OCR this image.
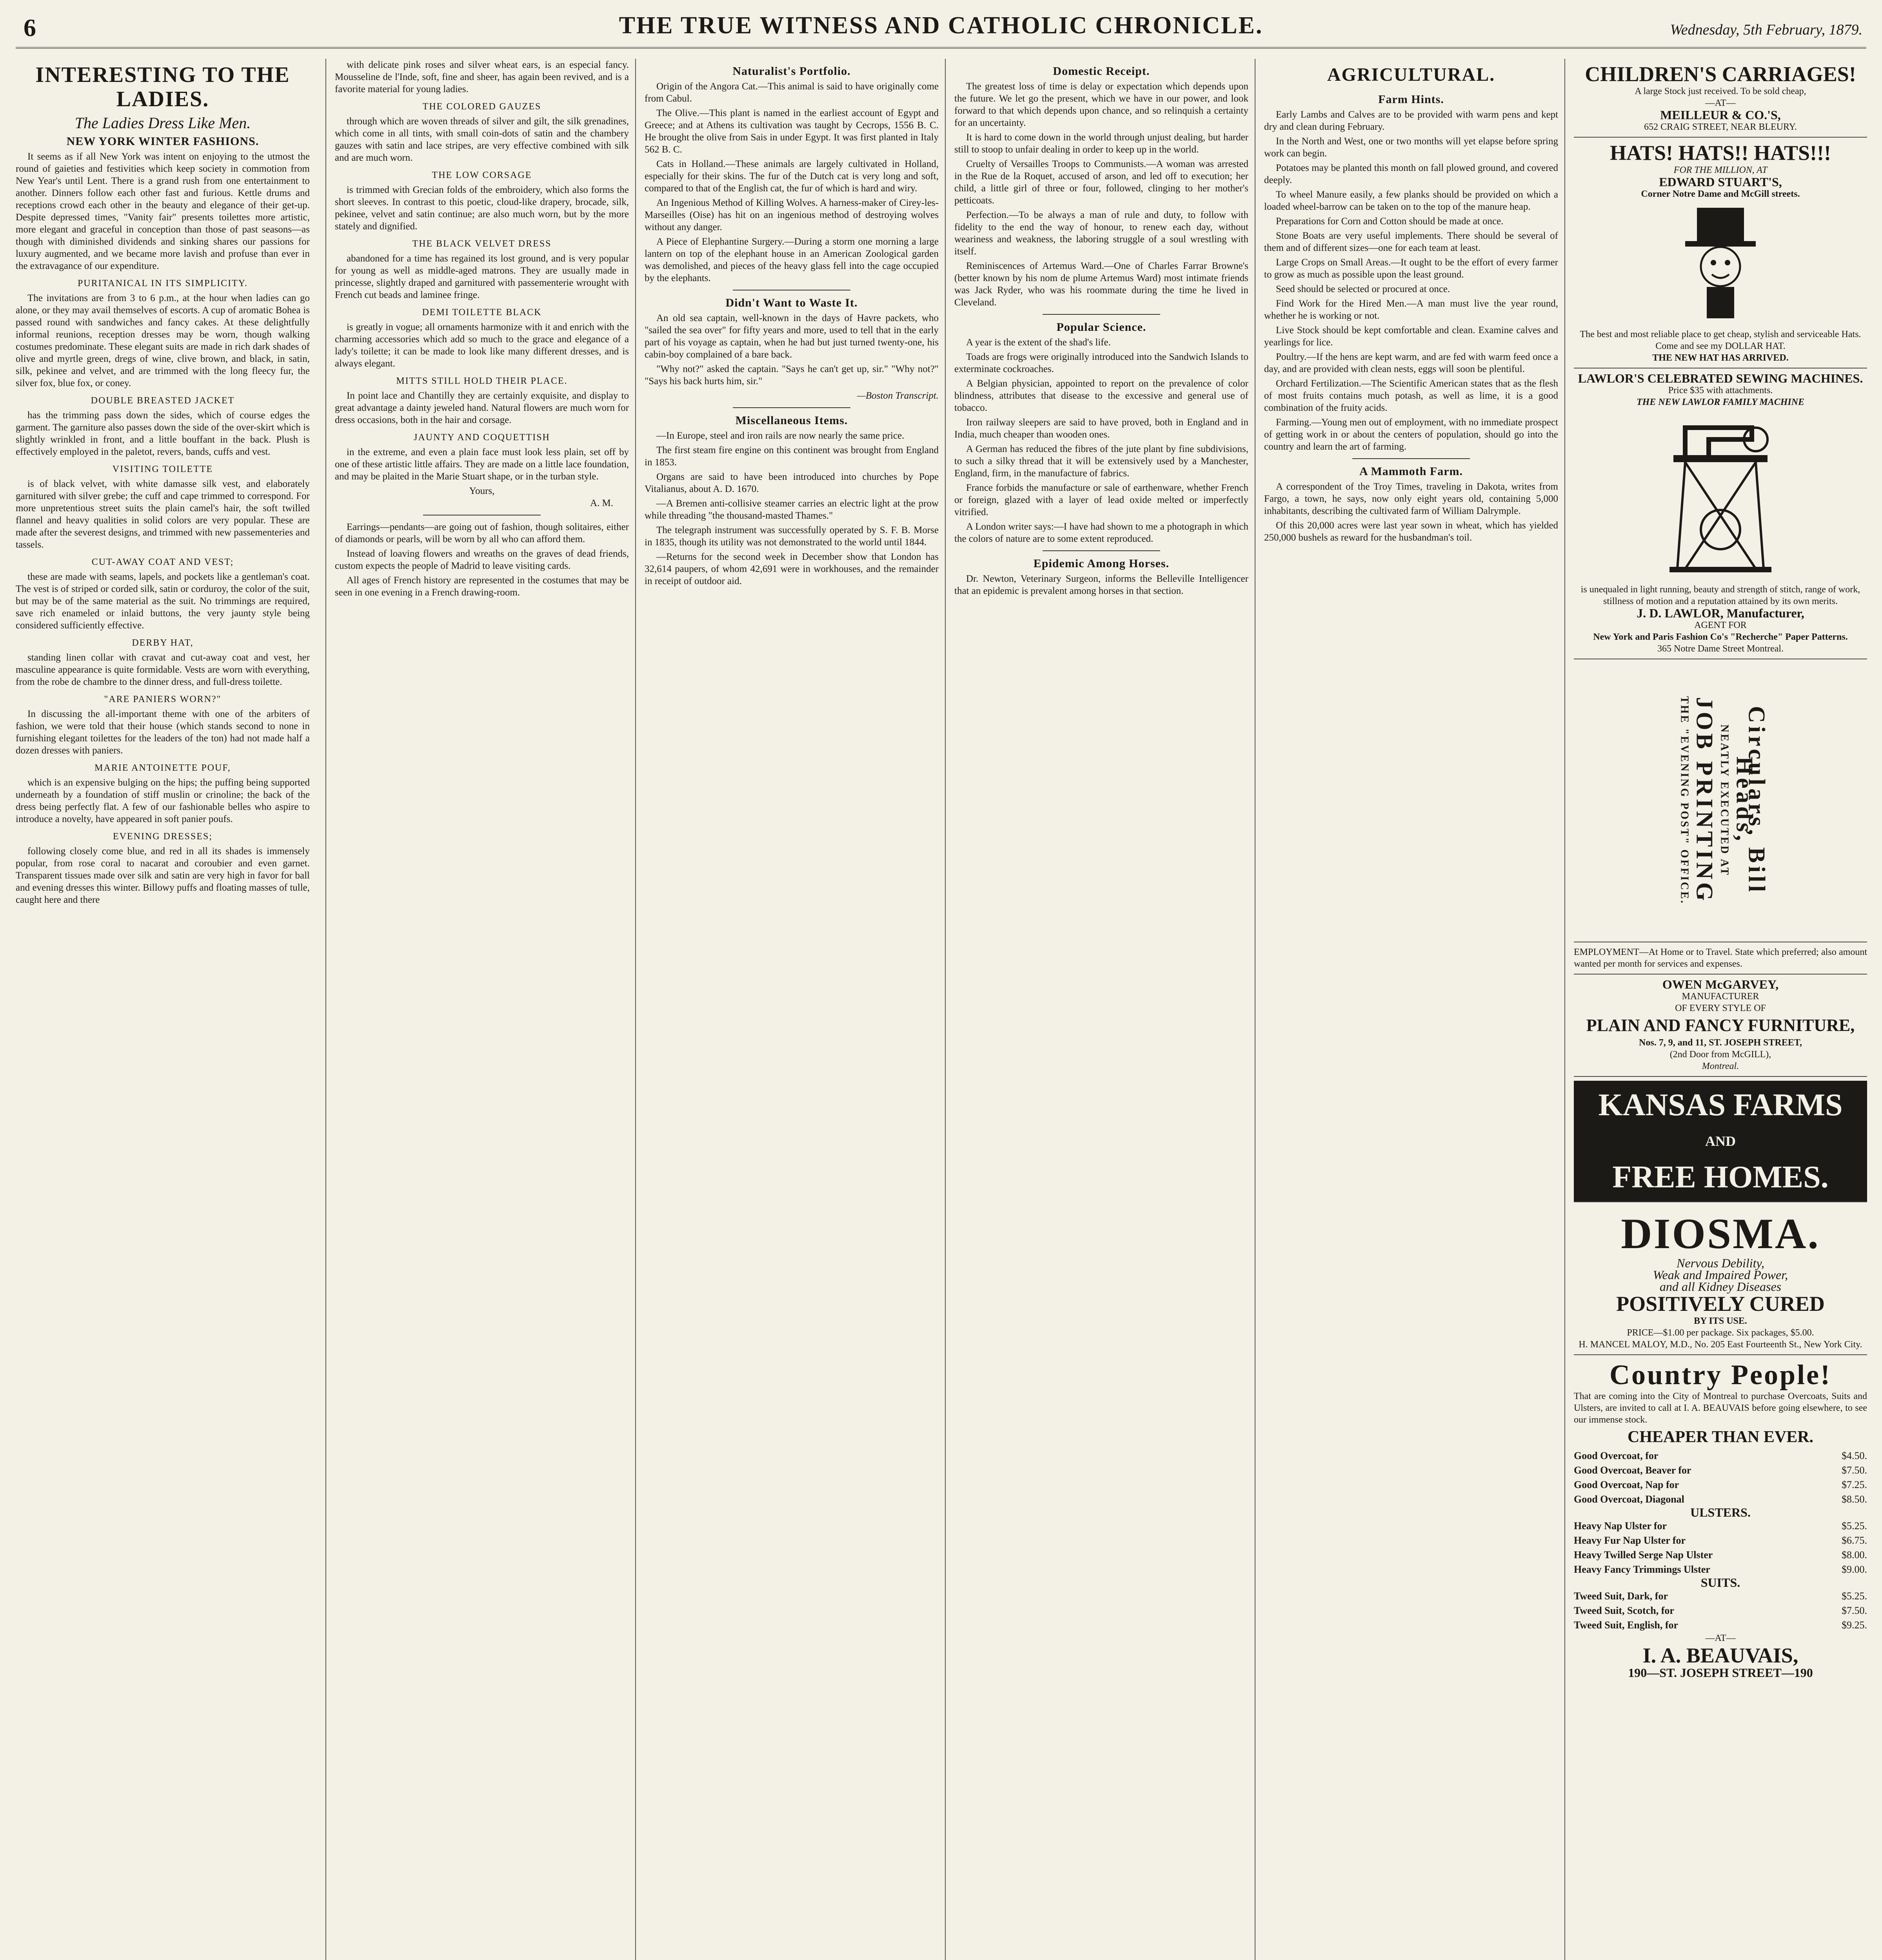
6	THE TRUE WITNESS AND CATHOLIC CHRONICLE.	Wednesday, 5th February, 1879.
INTERESTING TO THE LADIES.
The Ladies Dress Like Men.
NEW YORK WINTER FASHIONS.

It seems as if all New York was intent on enjoying to the utmost the round of gaieties and festivities which keep society in commotion from New Year's until Lent. There is a grand rush from one entertainment to another. Dinners follow each other fast and furious. Kettle drums and receptions crowd each other in the beauty and elegance of their get-up. Despite depressed times, "Vanity fair" presents toilettes more artistic, more elegant and graceful in conception than those of past seasons—as though with diminished dividends and sinking shares our passions for luxury augmented, and we became more lavish and profuse than ever in the extravagance of our expenditure.

PURITANICAL IN ITS SIMPLICITY.

The invitations are from 3 to 6 p.m., at the hour when ladies can go alone, or they may avail themselves of escorts. A cup of aromatic Bohea is passed round with sandwiches and fancy cakes. At these delightfully informal reunions, reception dresses may be worn, though walking costumes predominate. These elegant suits are made in rich dark shades of olive and myrtle green, dregs of wine, clive brown, and black, in satin, silk, pekinee and velvet, and are trimmed with the long fleecy fur, the silver fox, blue fox, or coney.

DOUBLE BREASTED JACKET

has the trimming pass down the sides, which of course edges the garment. The garniture also passes down the side of the over-skirt which is slightly wrinkled in front, and a little bouffant in the back. Plush is effectively employed in the paletot, revers, bands, cuffs and vest.

VISITING TOILETTE

is of black velvet, with white damasse silk vest, and elaborately garnitured with silver grebe; the cuff and cape trimmed to correspond. For more unpretentious street suits the plain camel's hair, the soft twilled flannel and heavy qualities in solid colors are very popular. These are made after the severest designs, and trimmed with new passementeries and tassels.

CUT-AWAY COAT AND VEST;

these are made with seams, lapels, and pockets like a gentleman's coat. The vest is of striped or corded silk, satin or corduroy, the color of the suit, but may be of the same material as the suit. No trimmings are required, save rich enameled or inlaid buttons, the very jaunty style being considered sufficiently effective.

DERBY HAT,

standing linen collar with cravat and cut-away coat and vest, her masculine appearance is quite formidable. Vests are worn with everything, from the robe de chambre to the dinner dress, and full-dress toilette.

"ARE PANIERS WORN?"

In discussing the all-important theme with one of the arbiters of fashion, we were told that their house (which stands second to none in furnishing elegant toilettes for the leaders of the ton) had not made half a dozen dresses with paniers.

MARIE ANTOINETTE POUF,

which is an expensive bulging on the hips; the puffing being supported underneath by a foundation of stiff muslin or crinoline; the back of the dress being perfectly flat. A few of our fashionable belles who aspire to introduce a novelty, have appeared in soft panier poufs.

EVENING DRESSES;

following closely come blue, and red in all its shades is immensely popular, from rose coral to nacarat and coroubier and even garnet. Transparent tissues made over silk and satin are very high in favor for ball and evening dresses this winter. Billowy puffs and floating masses of tulle, caught here and there

with delicate pink roses and silver wheat ears, is an especial fancy. Mousseline de l'Inde, soft, fine and sheer, has again been revived, and is a favorite material for young ladies.

THE COLORED GAUZES

through which are woven threads of silver and gilt, the silk grenadines, which come in all tints, with small coin-dots of satin and the chambery gauzes with satin and lace stripes, are very effective combined with silk and are much worn.

THE LOW CORSAGE

is trimmed with Grecian folds of the embroidery, which also forms the short sleeves. In contrast to this poetic, cloud-like drapery, brocade, silk, pekinee, velvet and satin continue; are also much worn, but by the more stately and dignified.

THE BLACK VELVET DRESS

abandoned for a time has regained its lost ground, and is very popular for young as well as middle-aged matrons. They are usually made in princesse, slightly draped and garnitured with passementerie wrought with French cut beads and laminee fringe.

DEMI TOILETTE BLACK

is greatly in vogue; all ornaments harmonize with it and enrich with the charming accessories which add so much to the grace and elegance of a lady's toilette; it can be made to look like many different dresses, and is always elegant.

MITTS STILL HOLD THEIR PLACE.

In point lace and Chantilly they are certainly exquisite, and display to great advantage a dainty jeweled hand. Natural flowers are much worn for dress occasions, both in the hair and corsage.

JAUNTY AND COQUETTISH

in the extreme, and even a plain face must look less plain, set off by one of these artistic little affairs. They are made on a little lace foundation, and may be plaited in the Marie Stuart shape, or in the turban style.

Yours,
A. M.

Earrings—pendants—are going out of fashion, though solitaires, either of diamonds or pearls, will be worn by all who can afford them.

Instead of loaving flowers and wreaths on the graves of dead friends, custom expects the people of Madrid to leave visiting cards.

All ages of French history are represented in the costumes that may be seen in one evening in a French drawing-room.

Naturalist's Portfolio.

Origin of the Angora Cat.—This animal is said to have originally come from Cabul.

The Olive.—This plant is named in the earliest account of Egypt and Greece; and at Athens its cultivation was taught by Cecrops, 1556 B. C. He brought the olive from Sais in under Egypt. It was first planted in Italy 562 B. C.

Cats in Holland.—These animals are largely cultivated in Holland, especially for their skins. The fur of the Dutch cat is very long and soft, compared to that of the English cat, the fur of which is hard and wiry.

An Ingenious Method of Killing Wolves. A harness-maker of Cirey-les-Marseilles (Oise) has hit on an ingenious method of destroying wolves without any danger.

A Piece of Elephantine Surgery.—During a storm one morning a large lantern on top of the elephant house in an American Zoological garden was demolished, and pieces of the heavy glass fell into the cage occupied by the elephants.

Didn't Want to Waste It.

An old sea captain, well-known in the days of Havre packets, who "sailed the sea over" for fifty years and more, used to tell that in the early part of his voyage as captain, when he had but just turned twenty-one, his cabin-boy complained of a bare back.

"Why not?" asked the captain. "Says he can't get up, sir." "Why not?" "Says his back hurts him, sir."

—Boston Transcript.
Miscellaneous Items.

—In Europe, steel and iron rails are now nearly the same price.

The first steam fire engine on this continent was brought from England in 1853.

Organs are said to have been introduced into churches by Pope Vitalianus, about A. D. 1670.

—A Bremen anti-collisive steamer carries an electric light at the prow while threading "the thousand-masted Thames."

The telegraph instrument was successfully operated by S. F. B. Morse in 1835, though its utility was not demonstrated to the world until 1844.

—Returns for the second week in December show that London has 32,614 paupers, of whom 42,691 were in workhouses, and the remainder in receipt of outdoor aid.

Domestic Receipt.

The greatest loss of time is delay or expectation which depends upon the future. We let go the present, which we have in our power, and look forward to that which depends upon chance, and so relinquish a certainty for an uncertainty.

It is hard to come down in the world through unjust dealing, but harder still to stoop to unfair dealing in order to keep up in the world.

Cruelty of Versailles Troops to Communists.—A woman was arrested in the Rue de la Roquet, accused of arson, and led off to execution; her child, a little girl of three or four, followed, clinging to her mother's petticoats.

Perfection.—To be always a man of rule and duty, to follow with fidelity to the end the way of honour, to renew each day, without weariness and weakness, the laboring struggle of a soul wrestling with itself.

Reminiscences of Artemus Ward.—One of Charles Farrar Browne's (better known by his nom de plume Artemus Ward) most intimate friends was Jack Ryder, who was his roommate during the time he lived in Cleveland.

Popular Science.

A year is the extent of the shad's life.

Toads are frogs were originally introduced into the Sandwich Islands to exterminate cockroaches.

A Belgian physician, appointed to report on the prevalence of color blindness, attributes that disease to the excessive and general use of tobacco.

Iron railway sleepers are said to have proved, both in England and in India, much cheaper than wooden ones.

A German has reduced the fibres of the jute plant by fine subdivisions, to such a silky thread that it will be extensively used by a Manchester, England, firm, in the manufacture of fabrics.

France forbids the manufacture or sale of earthenware, whether French or foreign, glazed with a layer of lead oxide melted or imperfectly vitrified.

A London writer says:—I have had shown to me a photograph in which the colors of nature are to some extent reproduced.

Epidemic Among Horses.

Dr. Newton, Veterinary Surgeon, informs the Belleville Intelligencer that an epidemic is prevalent among horses in that section.

AGRICULTURAL.
Farm Hints.

Early Lambs and Calves are to be provided with warm pens and kept dry and clean during February.

In the North and West, one or two months will yet elapse before spring work can begin.

Potatoes may be planted this month on fall plowed ground, and covered deeply.

To wheel Manure easily, a few planks should be provided on which a loaded wheel-barrow can be taken on to the top of the manure heap.

Preparations for Corn and Cotton should be made at once.

Stone Boats are very useful implements. There should be several of them and of different sizes—one for each team at least.

Large Crops on Small Areas.—It ought to be the effort of every farmer to grow as much as possible upon the least ground.

Seed should be selected or procured at once.

Find Work for the Hired Men.—A man must live the year round, whether he is working or not.

Live Stock should be kept comfortable and clean. Examine calves and yearlings for lice.

Poultry.—If the hens are kept warm, and are fed with warm feed once a day, and are provided with clean nests, eggs will soon be plentiful.

Orchard Fertilization.—The Scientific American states that as the flesh of most fruits contains much potash, as well as lime, it is a good combination of the fruity acids.

Farming.—Young men out of employment, with no immediate prospect of getting work in or about the centers of population, should go into the country and learn the art of farming.

A Mammoth Farm.

A correspondent of the Troy Times, traveling in Dakota, writes from Fargo, a town, he says, now only eight years old, containing 5,000 inhabitants, describing the cultivated farm of William Dalrymple.

Of this 20,000 acres were last year sown in wheat, which has yielded 250,000 bushels as reward for the husbandman's toil.

CHILDREN'S CARRIAGES!
A large Stock just received. To be sold cheap,
—AT—
MEILLEUR & CO.'S,
652 CRAIG STREET, NEAR BLEURY.
HATS! HATS!! HATS!!!
FOR THE MILLION, AT
EDWARD STUART'S,
Corner Notre Dame and McGill streets.
The best and most reliable place to get cheap, stylish and serviceable Hats. Come and see my DOLLAR HAT.
THE NEW HAT HAS ARRIVED.
LAWLOR'S CELEBRATED SEWING MACHINES.
Price $35 with attachments.
THE NEW LAWLOR FAMILY MACHINE
is unequaled in light running, beauty and strength of stitch, range of work, stillness of motion and a reputation attained by its own merits.
J. D. LAWLOR, Manufacturer,
AGENT FOR
New York and Paris Fashion Co's "Recherche" Paper Patterns.
365 Notre Dame Street Montreal.
THE "EVENING POST" OFFICE. JOB PRINTING NEATLY EXECUTED AT Circulars, Bill Heads,
EMPLOYMENT—At Home or to Travel. State which preferred; also amount wanted per month for services and expenses.
OWEN McGARVEY,
MANUFACTURER
OF EVERY STYLE OF
PLAIN AND FANCY FURNITURE,
Nos. 7, 9, and 11, ST. JOSEPH STREET,
(2nd Door from McGILL),
Montreal.
KANSAS FARMS
AND
FREE HOMES.
DIOSMA.
Nervous Debility,
Weak and Impaired Power,
and all Kidney Diseases
POSITIVELY CURED
BY ITS USE.
PRICE—$1.00 per package. Six packages, $5.00.
H. MANCEL MALOY, M.D., No. 205 East Fourteenth St., New York City.
Country People!
That are coming into the City of Montreal to purchase Overcoats, Suits and Ulsters, are invited to call at I. A. BEAUVAIS before going elsewhere, to see our immense stock.
CHEAPER THAN EVER.
Good Overcoat, for	$4.50.
Good Overcoat, Beaver for	$7.50.
Good Overcoat, Nap for	$7.25.
Good Overcoat, Diagonal	$8.50.
ULSTERS.
Heavy Nap Ulster for	$5.25.
Heavy Fur Nap Ulster for	$6.75.
Heavy Twilled Serge Nap Ulster	$8.00.
Heavy Fancy Trimmings Ulster	$9.00.
SUITS.
Tweed Suit, Dark, for	$5.25.
Tweed Suit, Scotch, for	$7.50.
Tweed Suit, English, for	$9.25.
—AT—
I. A. BEAUVAIS,
190—ST. JOSEPH STREET—190
